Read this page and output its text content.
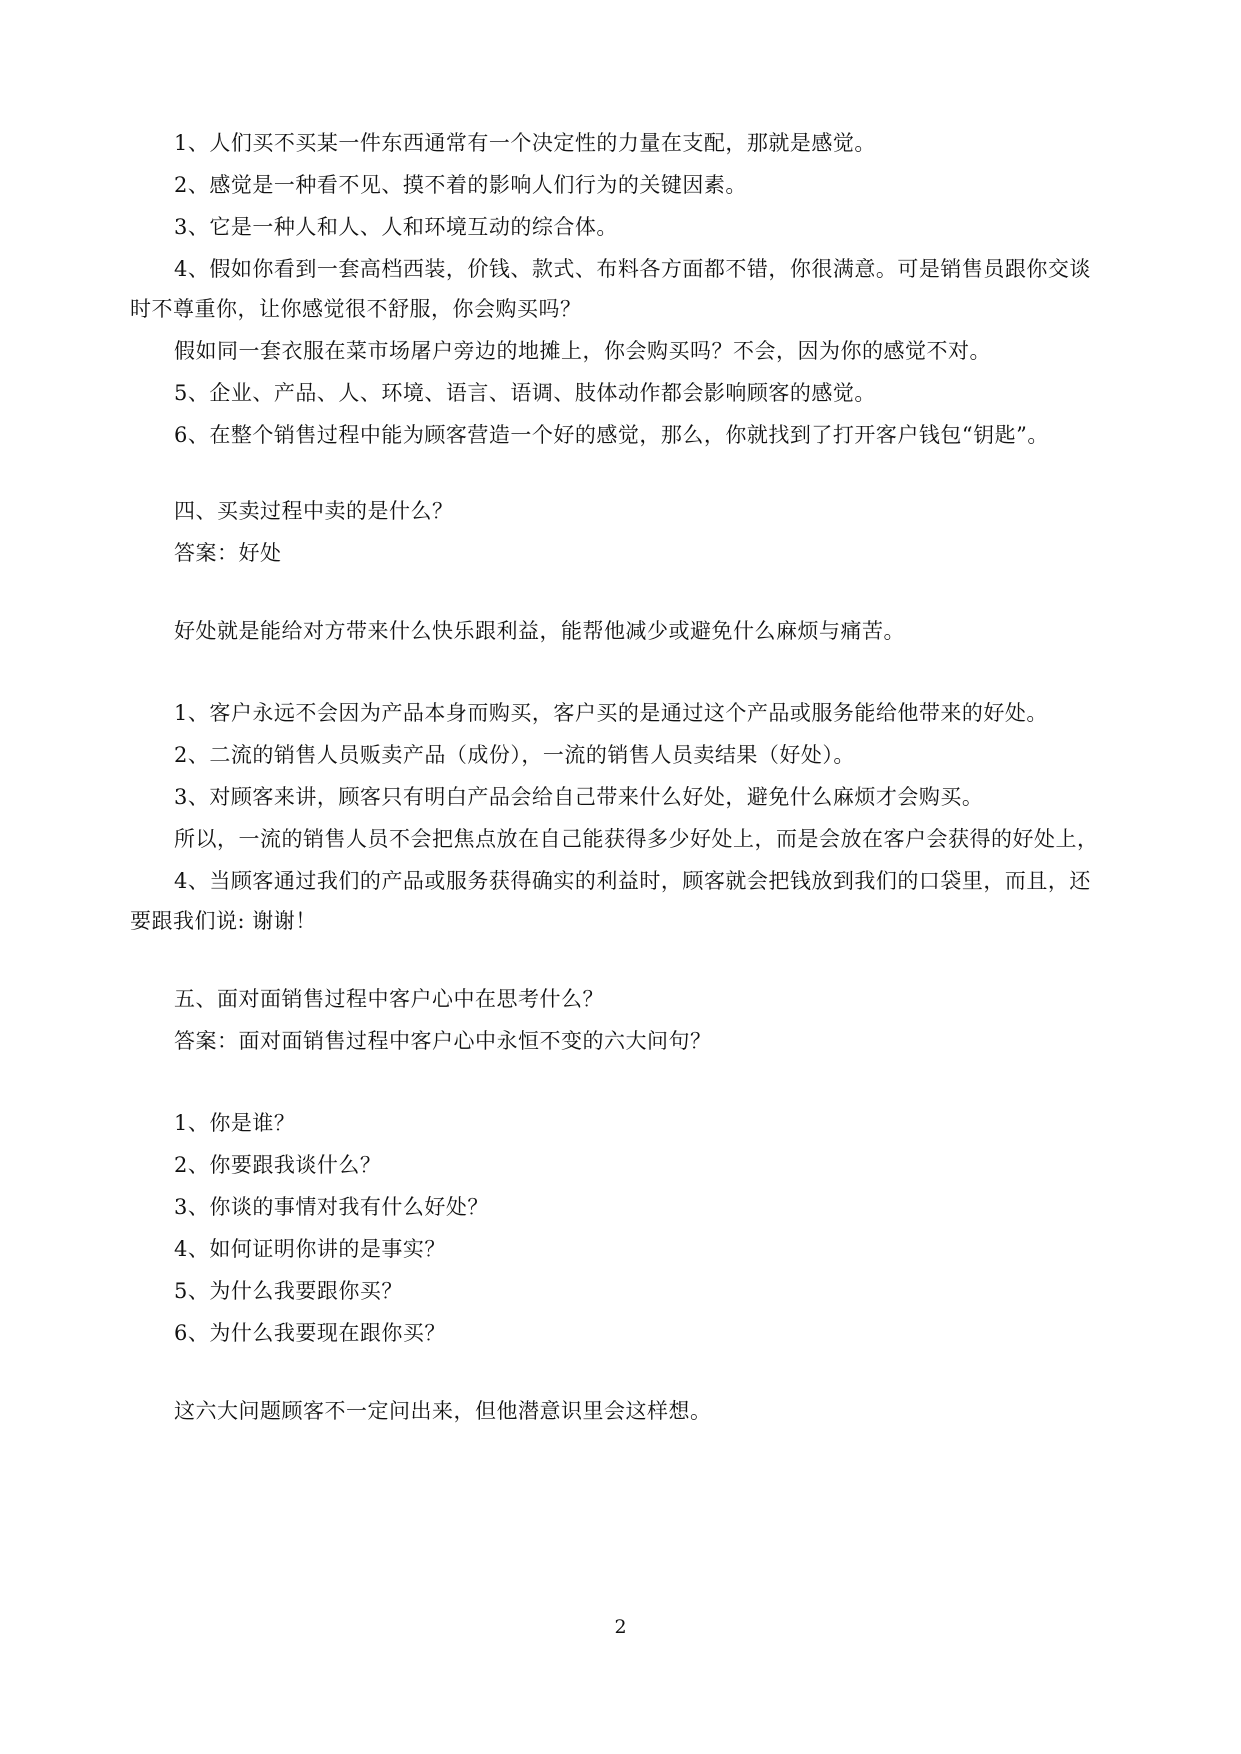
1、人们买不买某一件东西通常有一个决定性的力量在支配，那就是感觉。
2、感觉是一种看不见、摸不着的影响人们行为的关键因素。
3、它是一种人和人、人和环境互动的综合体。
4、假如你看到一套高档西装，价钱、款式、布料各方面都不错，你很满意。可是销售员跟你交谈
时不尊重你，让你感觉很不舒服，你会购买吗？
假如同一套衣服在菜市场屠户旁边的地摊上，你会购买吗？不会，因为你的感觉不对。
5、企业、产品、人、环境、语言、语调、肢体动作都会影响顾客的感觉。
6、在整个销售过程中能为顾客营造一个好的感觉，那么，你就找到了打开客户钱包“钥匙”。
四、买卖过程中卖的是什么？
答案：好处
好处就是能给对方带来什么快乐跟利益，能帮他减少或避免什么麻烦与痛苦。
1、客户永远不会因为产品本身而购买，客户买的是通过这个产品或服务能给他带来的好处。
2、二流的销售人员贩卖产品（成份），一流的销售人员卖结果（好处）。
3、对顾客来讲，顾客只有明白产品会给自己带来什么好处，避免什么麻烦才会购买。
所以，一流的销售人员不会把焦点放在自己能获得多少好处上，而是会放在客户会获得的好处上，
4、当顾客通过我们的产品或服务获得确实的利益时，顾客就会把钱放到我们的口袋里，而且，还
要跟我们说: 谢谢！
五、面对面销售过程中客户心中在思考什么？
答案：面对面销售过程中客户心中永恒不变的六大问句？
1、你是谁？
2、你要跟我谈什么？
3、你谈的事情对我有什么好处？
4、如何证明你讲的是事实？
5、为什么我要跟你买？
6、为什么我要现在跟你买？
这六大问题顾客不一定问出来，但他潜意识里会这样想。
2
